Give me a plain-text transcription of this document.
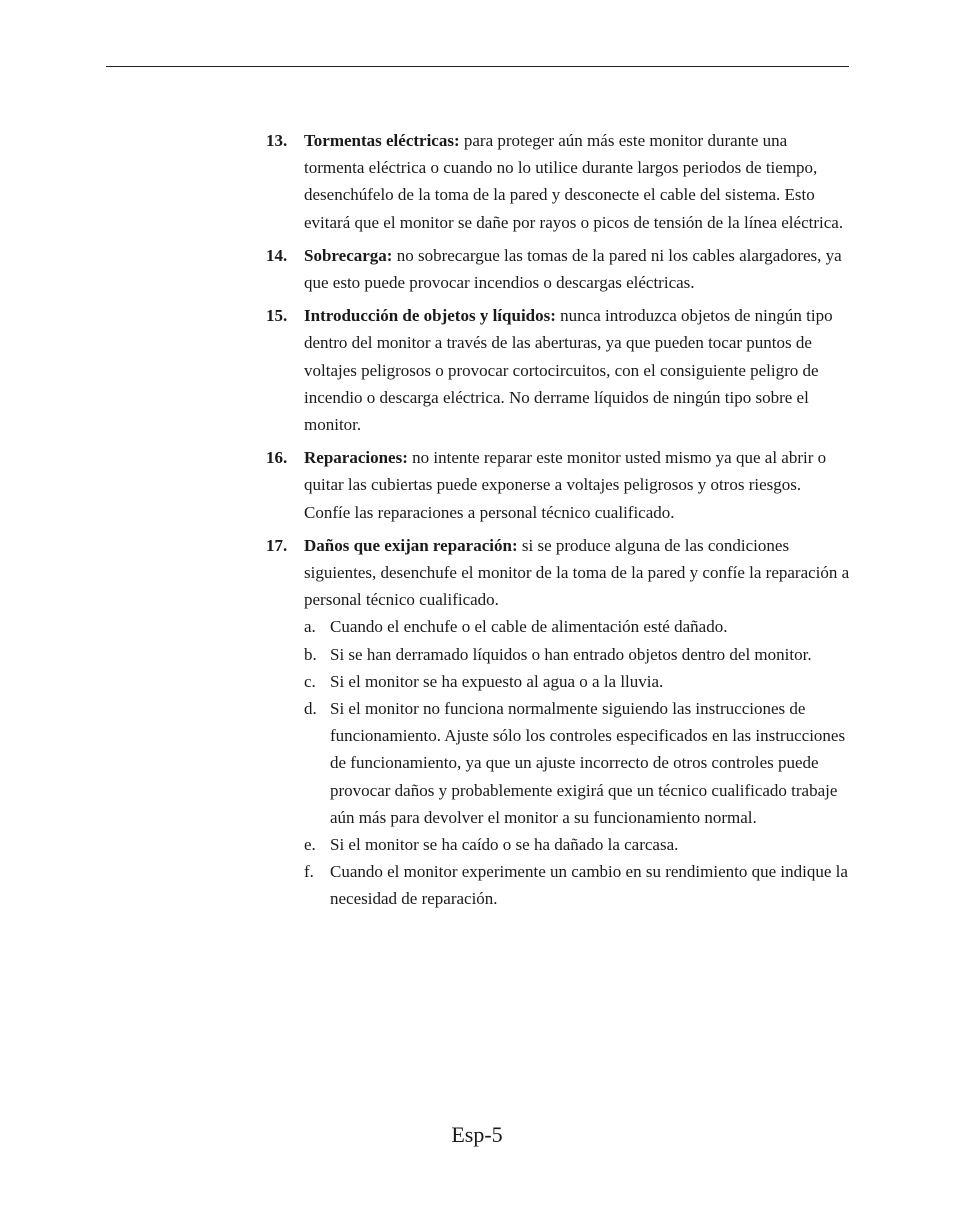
13. Tormentas eléctricas: para proteger aún más este monitor durante una tormenta eléctrica o cuando no lo utilice durante largos periodos de tiempo, desenchúfelo de la toma de la pared y desconecte el cable del sistema. Esto evitará que el monitor se dañe por rayos o picos de tensión de la línea eléctrica.
14. Sobrecarga: no sobrecargue las tomas de la pared ni los cables alargadores, ya que esto puede provocar incendios o descargas eléctricas.
15. Introducción de objetos y líquidos: nunca introduzca objetos de ningún tipo dentro del monitor a través de las aberturas, ya que pueden tocar puntos de voltajes peligrosos o provocar cortocircuitos, con el consiguiente peligro de incendio o descarga eléctrica. No derrame líquidos de ningún tipo sobre el monitor.
16. Reparaciones: no intente reparar este monitor usted mismo ya que al abrir o quitar las cubiertas puede exponerse a voltajes peligrosos y otros riesgos. Confíe las reparaciones a personal técnico cualificado.
17. Daños que exijan reparación: si se produce alguna de las condiciones siguientes, desenchufe el monitor de la toma de la pared y confíe la reparación a personal técnico cualificado.
a. Cuando el enchufe o el cable de alimentación esté dañado.
b. Si se han derramado líquidos o han entrado objetos dentro del monitor.
c. Si el monitor se ha expuesto al agua o a la lluvia.
d. Si el monitor no funciona normalmente siguiendo las instrucciones de funcionamiento. Ajuste sólo los controles especificados en las instrucciones de funcionamiento, ya que un ajuste incorrecto de otros controles puede provocar daños y probablemente exigirá que un técnico cualificado trabaje aún más para devolver el monitor a su funcionamiento normal.
e. Si el monitor se ha caído o se ha dañado la carcasa.
f. Cuando el monitor experimente un cambio en su rendimiento que indique la necesidad de reparación.
Esp-5
